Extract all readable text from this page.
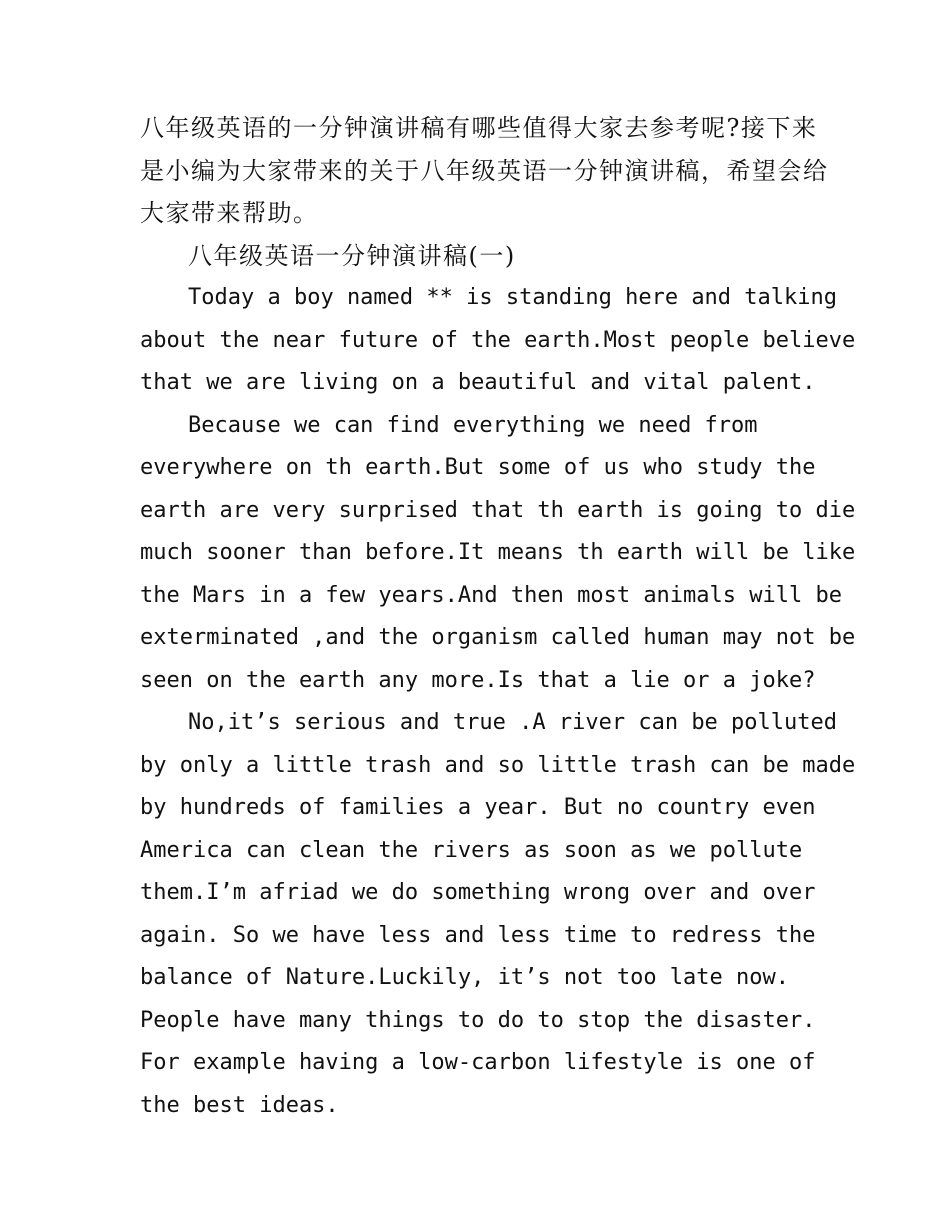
八年级英语的一分钟演讲稿有哪些值得大家去参考呢?接下来
是小编为大家带来的关于八年级英语一分钟演讲稿，希望会给
大家带来帮助。

八年级英语一分钟演讲稿(一)

Today a boy named ** is standing here and talking
about the near future of the earth.Most people believe
that we are living on a beautiful and vital palent.

Because we can find everything we need from
everywhere on th earth.But some of us who study the
earth are very surprised that th earth is going to die
much sooner than before.It means th earth will be like
the Mars in a few years.And then most animals will be
exterminated ,and the organism called human may not be
seen on the earth any more.Is that a lie or a joke?

No,it’s serious and true .A river can be polluted
by only a little trash and so little trash can be made
by hundreds of families a year. But no country even
America can clean the rivers as soon as we pollute
them.I’m afriad we do something wrong over and over
again. So we have less and less time to redress the
balance of Nature.Luckily, it’s not too late now.
People have many things to do to stop the disaster.
For example having a low-carbon lifestyle is one of
the best ideas.
